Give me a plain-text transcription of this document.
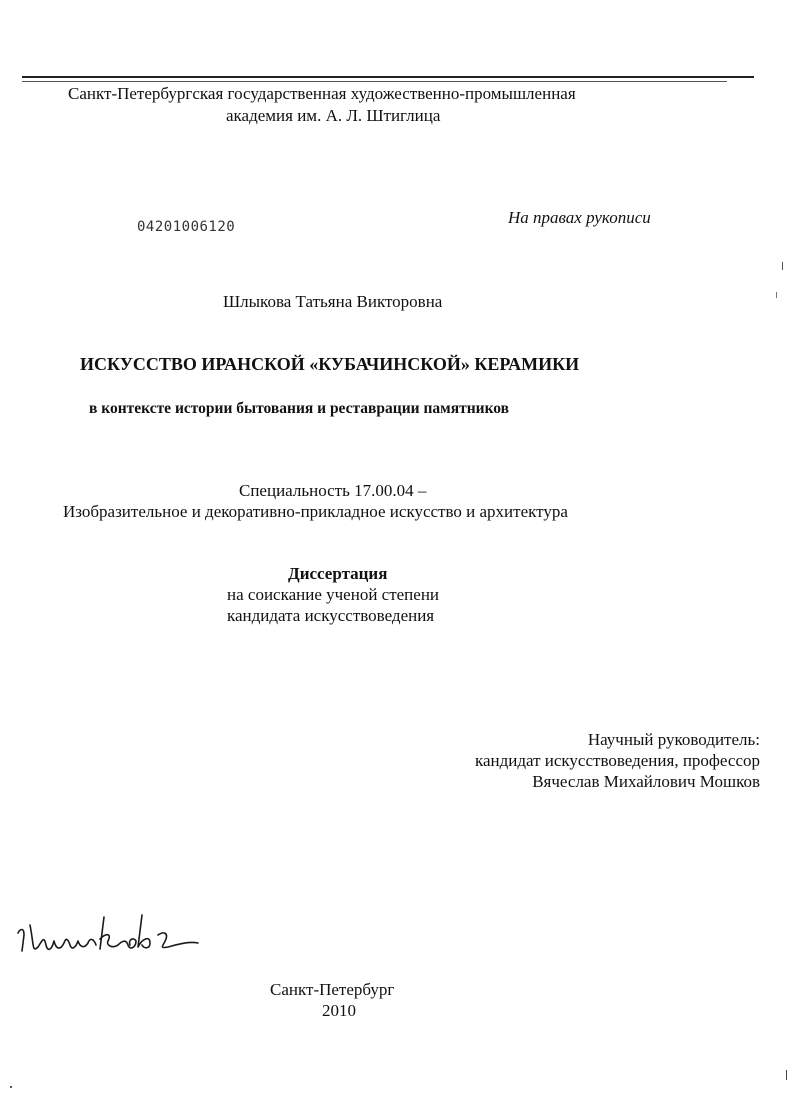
Санкт-Петербургская государственная художественно-промышленная
академия им. А. Л. Штиглица
04201006120	На правах рукописи
Шлыкова Татьяна Викторовна
ИСКУССТВО ИРАНСКОЙ «КУБАЧИНСКОЙ» КЕРАМИКИ
в контексте истории бытования и реставрации памятников
Специальность 17.00.04 –
Изобразительное и декоративно-прикладное искусство и архитектура
Диссертация
на соискание ученой степени
кандидата искусствоведения
Научный руководитель:
кандидат искусствоведения, профессор
Вячеслав Михайлович Мошков
Санкт-Петербург
2010
